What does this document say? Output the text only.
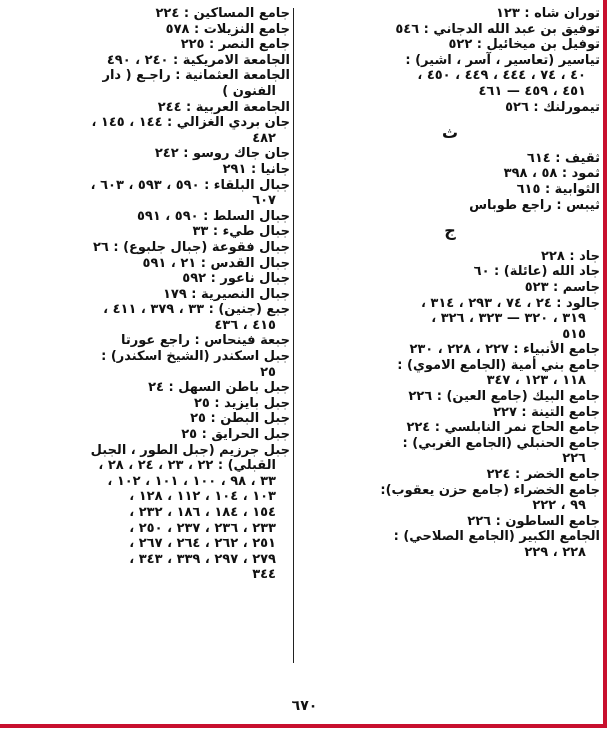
توران شاه : ١٢٣
توفيق بن عبد الله الدجاني : ٥٤٦
توفيل بن ميخائيل : ٥٢٢
تياسير (تعاسير ، آسر ، اشير) :
٤٠ ، ٧٤ ، ٤٤٤ ، ٤٤٩ ، ٤٥٠ ،
٤٥١ ، ٤٥٩ — ٤٦١
تيمورلنك : ٥٢٦
ث
ثقيف : ٦١٤
ثمود : ٥٨ ، ٣٩٨
الثوابية : ٦١٥
ثيبس : راجع طوباس
ج
جاد : ٢٢٨
جاد الله (عائلة) : ٦٠
جاسم : ٥٢٣
جالود : ٢٤ ، ٧٤ ، ٢٩٣ ، ٣١٤ ،
٣١٩ ، ٣٢٠ — ٣٢٣ ، ٣٢٦ ،
٥١٥
جامع الأنبياء : ٢٢٧ ، ٢٢٨ ، ٢٣٠
جامع بني أمية (الجامع الاموي) :
١١٨ ، ١٢٣ ، ٣٤٧
جامع البيك (جامع العين) : ٢٢٦
جامع التينة : ٢٢٧
جامع الحاج نمر النابلسي : ٢٢٤
جامع الحنبلي (الجامع الغربي) :
٢٢٦
جامع الخضر : ٢٢٤
جامع الخضراء (جامع حزن يعقوب):
٩٩ ، ٢٢٢
جامع الساطون : ٢٢٦
الجامع الكبير (الجامع الصلاحي) :
٢٢٨ ، ٢٢٩
جامع المساكين : ٢٢٤
جامع النزيلات : ٥٧٨
جامع النصر : ٢٢٥
الجامعة الامريكية : ٢٤٠ ، ٤٩٠
الجامعة العثمانية : راجـع ( دار
الفنون )
الجامعة العربية : ٢٤٤
جان بردي الغزالي : ١٤٤ ، ١٤٥ ،
٤٨٢
جان جاك روسو : ٢٤٢
جانيا : ٢٩١
جبال البلقاء : ٥٩٠ ، ٥٩٣ ، ٦٠٣ ،
٦٠٧
جبال السلط : ٥٩٠ ، ٥٩١
جبال طيء : ٣٣
جبال فقوعة (جبال جلبوع) : ٢٦
جبال القدس : ٢١ ، ٥٩١
جبال ناعور : ٥٩٢
جبال النصيرية : ١٧٩
جبع (جنين) : ٣٣ ، ٣٧٩ ، ٤١١ ،
٤١٥ ، ٤٣٦
جبعة فينحاس : راجع عورتا
جبل اسكندر (الشيخ اسكندر) :
٢٥
جبل باطن السهل : ٢٤
جبل بايزيد : ٢٥
جبل البطن : ٢٥
جبل الحرايق : ٢٥
جبل جرزيم (جبل الطور ، الجبل
القبلي) : ٢٢ ، ٢٣ ، ٢٤ ، ٢٨ ،
٣٣ ، ٩٨ ، ١٠٠ ، ١٠١ ، ١٠٢ ،
١٠٣ ، ١٠٤ ، ١١٢ ، ١٢٨ ،
١٥٤ ، ١٨٤ ، ١٨٦ ، ٢٣٢ ،
٢٣٣ ، ٢٣٦ ، ٢٣٧ ، ٢٥٠ ،
٢٥١ ، ٢٦٢ ، ٢٦٤ ، ٢٦٧ ،
٢٧٩ ، ٢٩٧ ، ٣٣٩ ، ٣٤٣ ،
٣٤٤
٦٧٠
